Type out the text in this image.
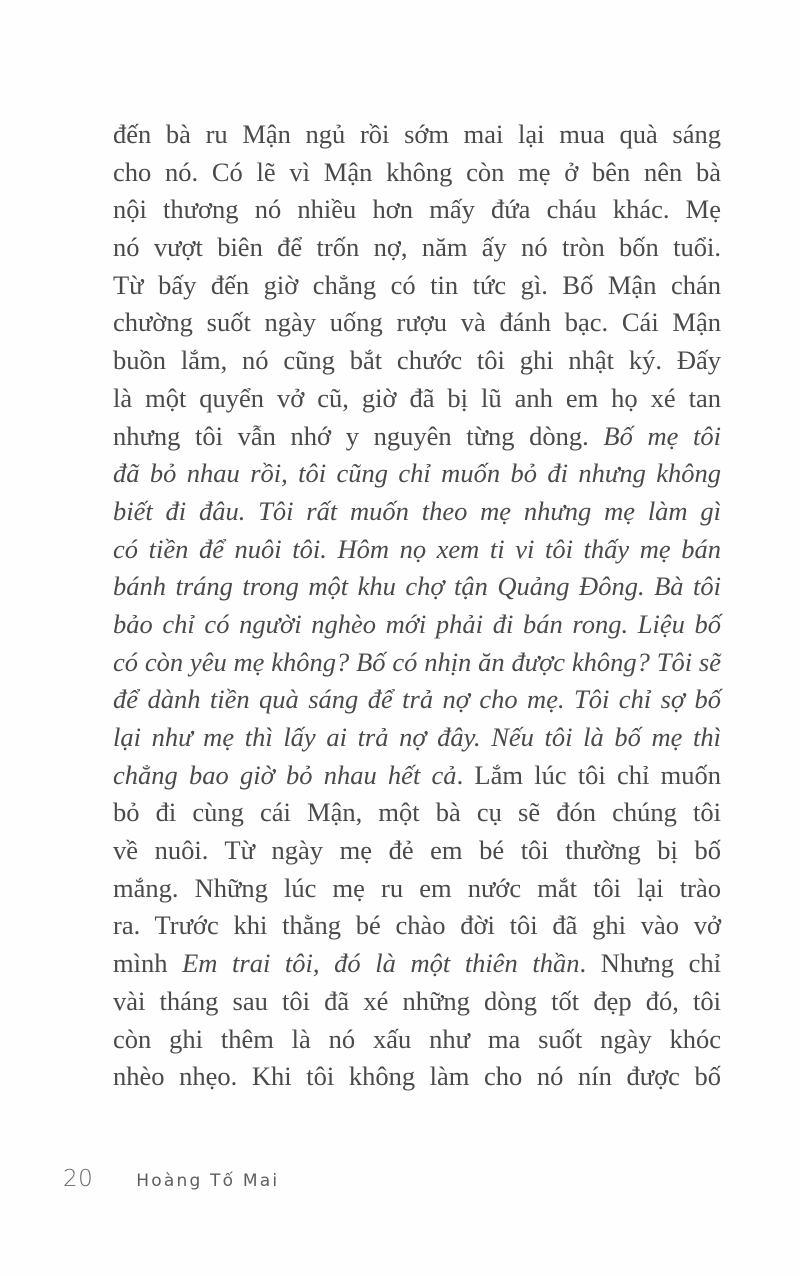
đến bà ru Mận ngủ rồi sớm mai lại mua quà sáng
cho nó. Có lẽ vì Mận không còn mẹ ở bên nên bà
nội thương nó nhiều hơn mấy đứa cháu khác. Mẹ
nó vượt biên để trốn nợ, năm ấy nó tròn bốn tuổi.
Từ bấy đến giờ chẳng có tin tức gì. Bố Mận chán
chường suốt ngày uống rượu và đánh bạc. Cái Mận
buồn lắm, nó cũng bắt chước tôi ghi nhật ký. Đấy
là một quyển vở cũ, giờ đã bị lũ anh em họ xé tan
nhưng tôi vẫn nhớ y nguyên từng dòng. Bố mẹ tôi
đã bỏ nhau rồi, tôi cũng chỉ muốn bỏ đi nhưng không
biết đi đâu. Tôi rất muốn theo mẹ nhưng mẹ làm gì
có tiền để nuôi tôi. Hôm nọ xem ti vi tôi thấy mẹ bán
bánh tráng trong một khu chợ tận Quảng Đông. Bà tôi
bảo chỉ có người nghèo mới phải đi bán rong. Liệu bố
có còn yêu mẹ không? Bố có nhịn ăn được không? Tôi sẽ
để dành tiền quà sáng để trả nợ cho mẹ. Tôi chỉ sợ bố
lại như mẹ thì lấy ai trả nợ đây. Nếu tôi là bố mẹ thì
chẳng bao giờ bỏ nhau hết cả. Lắm lúc tôi chỉ muốn
bỏ đi cùng cái Mận, một bà cụ sẽ đón chúng tôi
về nuôi. Từ ngày mẹ đẻ em bé tôi thường bị bố
mắng. Những lúc mẹ ru em nước mắt tôi lại trào
ra. Trước khi thằng bé chào đời tôi đã ghi vào vở
mình Em trai tôi, đó là một thiên thần. Nhưng chỉ
vài tháng sau tôi đã xé những dòng tốt đẹp đó, tôi
còn ghi thêm là nó xấu như ma suốt ngày khóc
nhèo nhẹo. Khi tôi không làm cho nó nín được bố
20	Hoàng Tố Mai
